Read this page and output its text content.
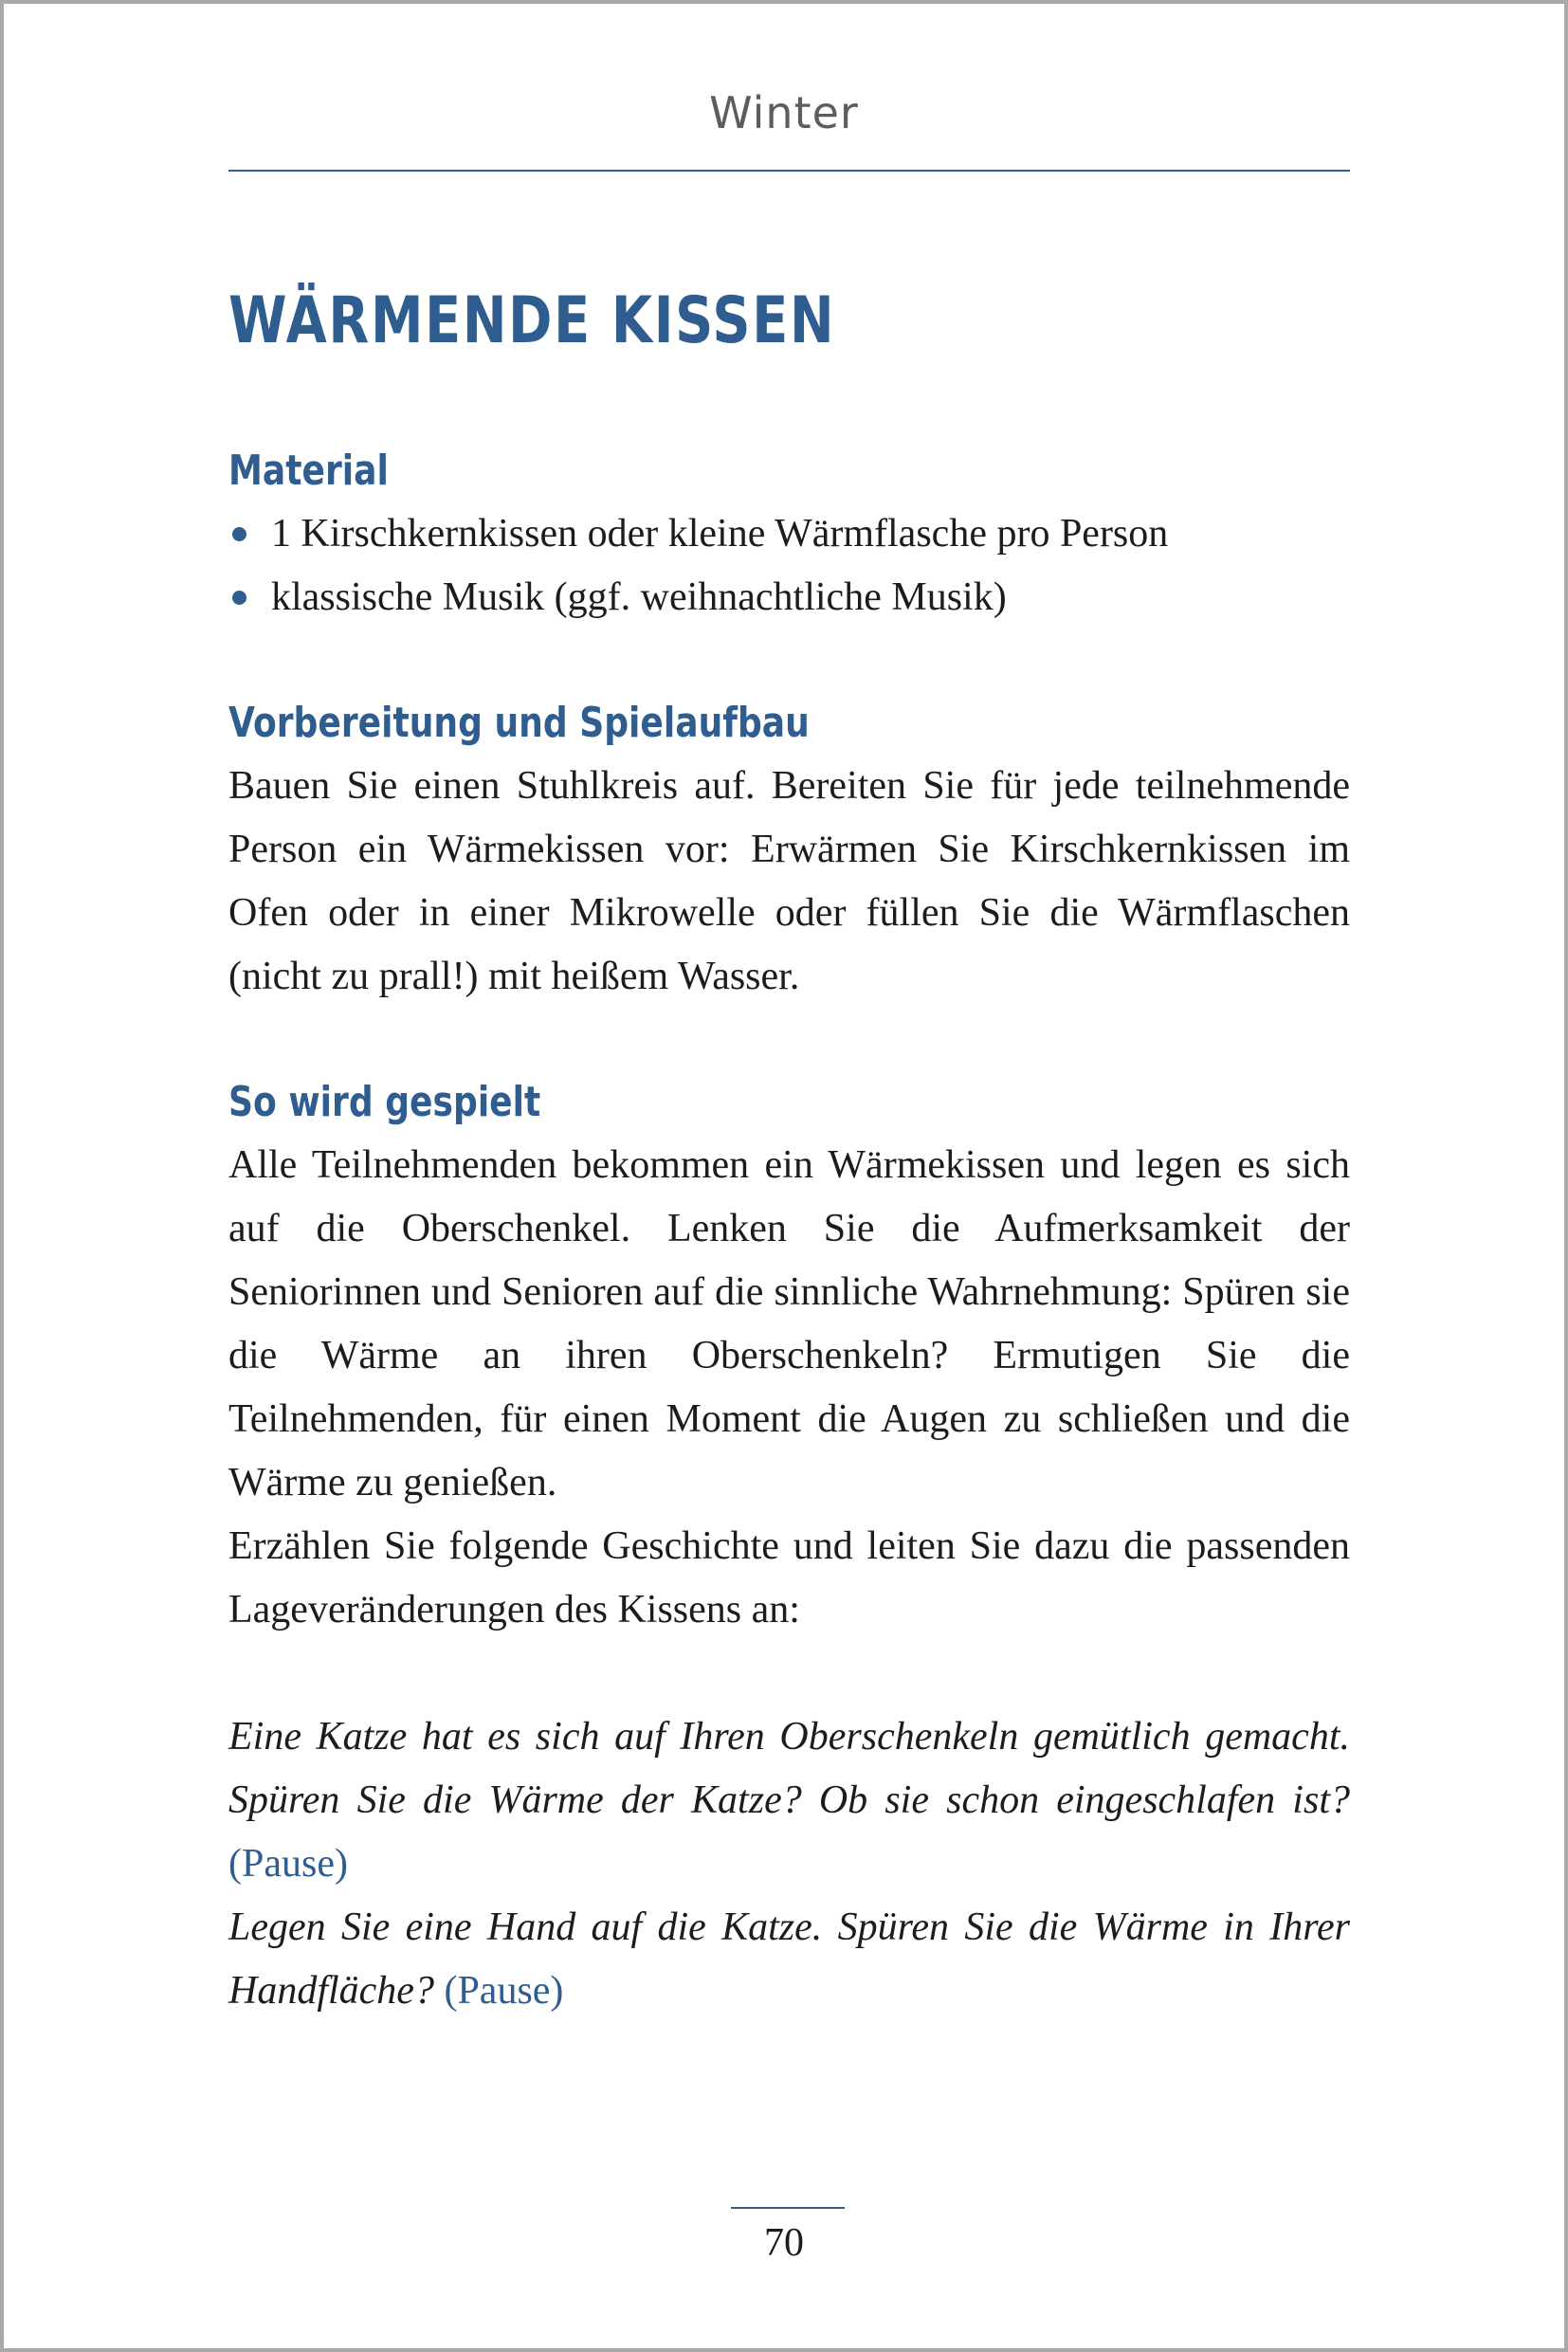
Winter
WÄRMENDE KISSEN
Material
1 Kirschkernkissen oder kleine Wärmflasche pro Person
klassische Musik (ggf. weihnachtliche Musik)
Vorbereitung und Spielaufbau

Bauen Sie einen Stuhlkreis auf. Bereiten Sie für jede teilnehmende Person ein Wärmekissen vor: Erwärmen Sie Kirschkernkissen im Ofen oder in einer Mikrowelle oder füllen Sie die Wärmflaschen (nicht zu prall!) mit heißem Wasser.

So wird gespielt

Alle Teilnehmenden bekommen ein Wärmekissen und legen es sich auf die Oberschenkel. Lenken Sie die Aufmerksamkeit der Seniorinnen und Senioren auf die sinnliche Wahrnehmung: Spüren sie die Wärme an ihren Oberschenkeln? Ermutigen Sie die Teilnehmenden, für einen Moment die Augen zu schließen und die Wärme zu genießen.

Erzählen Sie folgende Geschichte und leiten Sie dazu die passenden Lageveränderungen des Kissens an:

Eine Katze hat es sich auf Ihren Oberschenkeln gemütlich gemacht. Spüren Sie die Wärme der Katze? Ob sie schon eingeschlafen ist? (Pause)

Legen Sie eine Hand auf die Katze. Spüren Sie die Wärme in Ihrer Handfläche? (Pause)

70
